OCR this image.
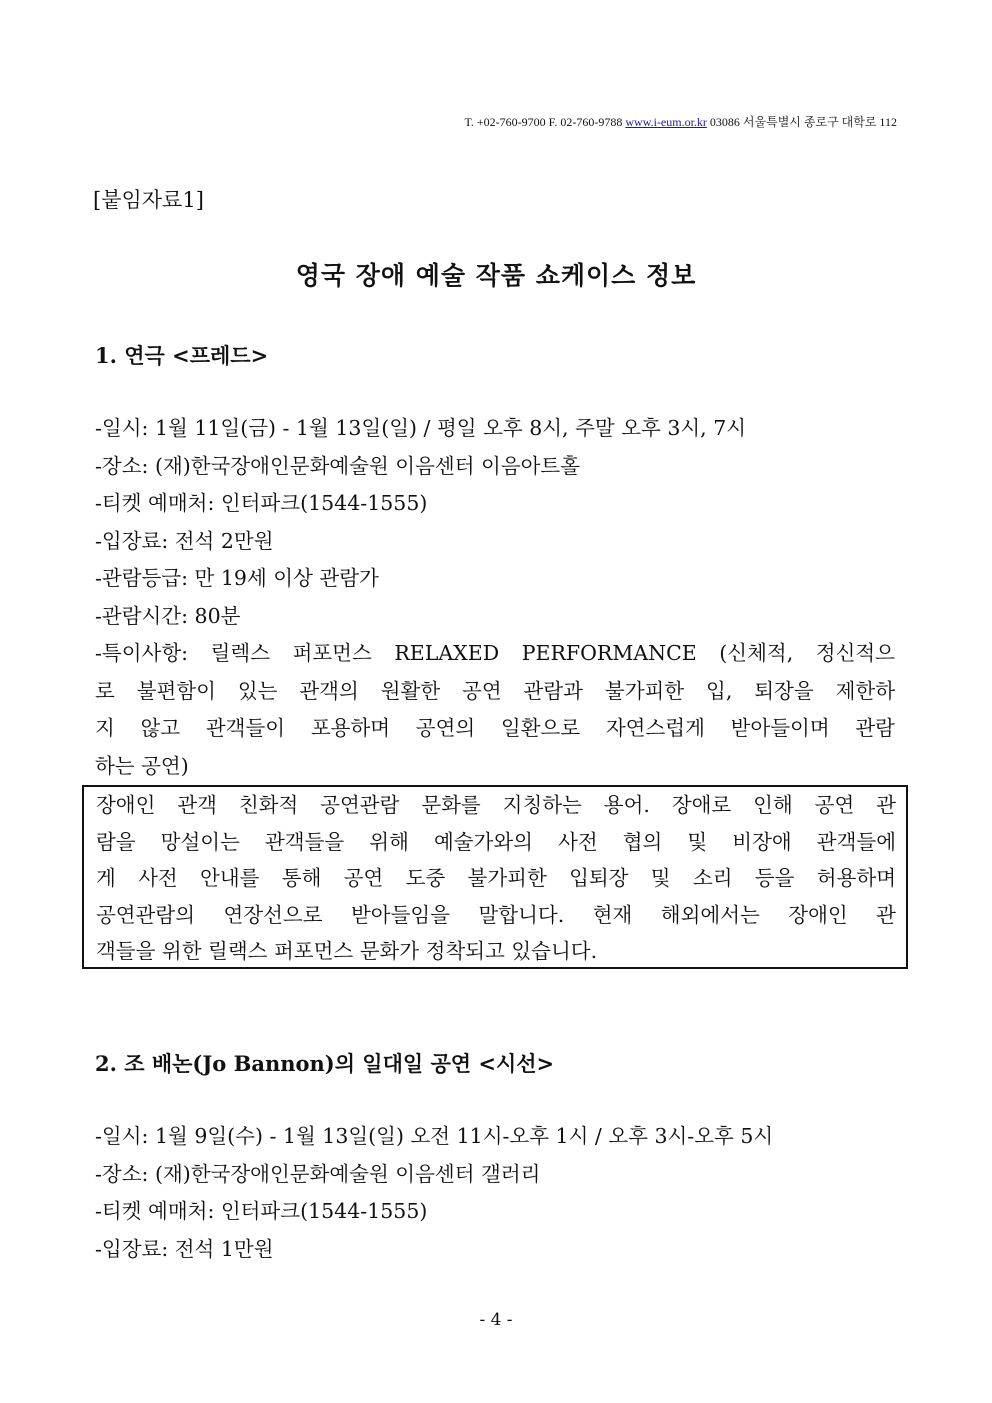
T. +02-760-9700 F. 02-760-9788 www.i-eum.or.kr 03086 서울특별시 종로구 대학로 112
[붙임자료1]
영국 장애 예술 작품 쇼케이스 정보
1. 연극 <프레드>
-일시: 1월 11일(금) - 1월 13일(일) / 평일 오후 8시, 주말 오후 3시, 7시
-장소: (재)한국장애인문화예술원 이음센터 이음아트홀
-티켓 예매처: 인터파크(1544-1555)
-입장료: 전석 2만원
-관람등급: 만 19세 이상 관람가
-관람시간: 80분
-특이사항: 릴렉스 퍼포먼스 RELAXED PERFORMANCE (신체적, 정신적으
로 불편함이 있는 관객의 원활한 공연 관람과 불가피한 입, 퇴장을 제한하
지 않고 관객들이 포용하며 공연의 일환으로 자연스럽게 받아들이며 관람
하는 공연)
장애인 관객 친화적 공연관람 문화를 지칭하는 용어. 장애로 인해 공연 관
람을 망설이는 관객들을 위해 예술가와의 사전 협의 및 비장애 관객들에
게 사전 안내를 통해 공연 도중 불가피한 입퇴장 및 소리 등을 허용하며
공연관람의 연장선으로 받아들임을 말합니다. 현재 해외에서는 장애인 관
객들을 위한 릴랙스 퍼포먼스 문화가 정착되고 있습니다.
2. 조 배논(Jo Bannon)의 일대일 공연 <시선>
-일시: 1월 9일(수) - 1월 13일(일) 오전 11시-오후 1시 / 오후 3시-오후 5시
-장소: (재)한국장애인문화예술원 이음센터 갤러리
-티켓 예매처: 인터파크(1544-1555)
-입장료: 전석 1만원
- 4 -
